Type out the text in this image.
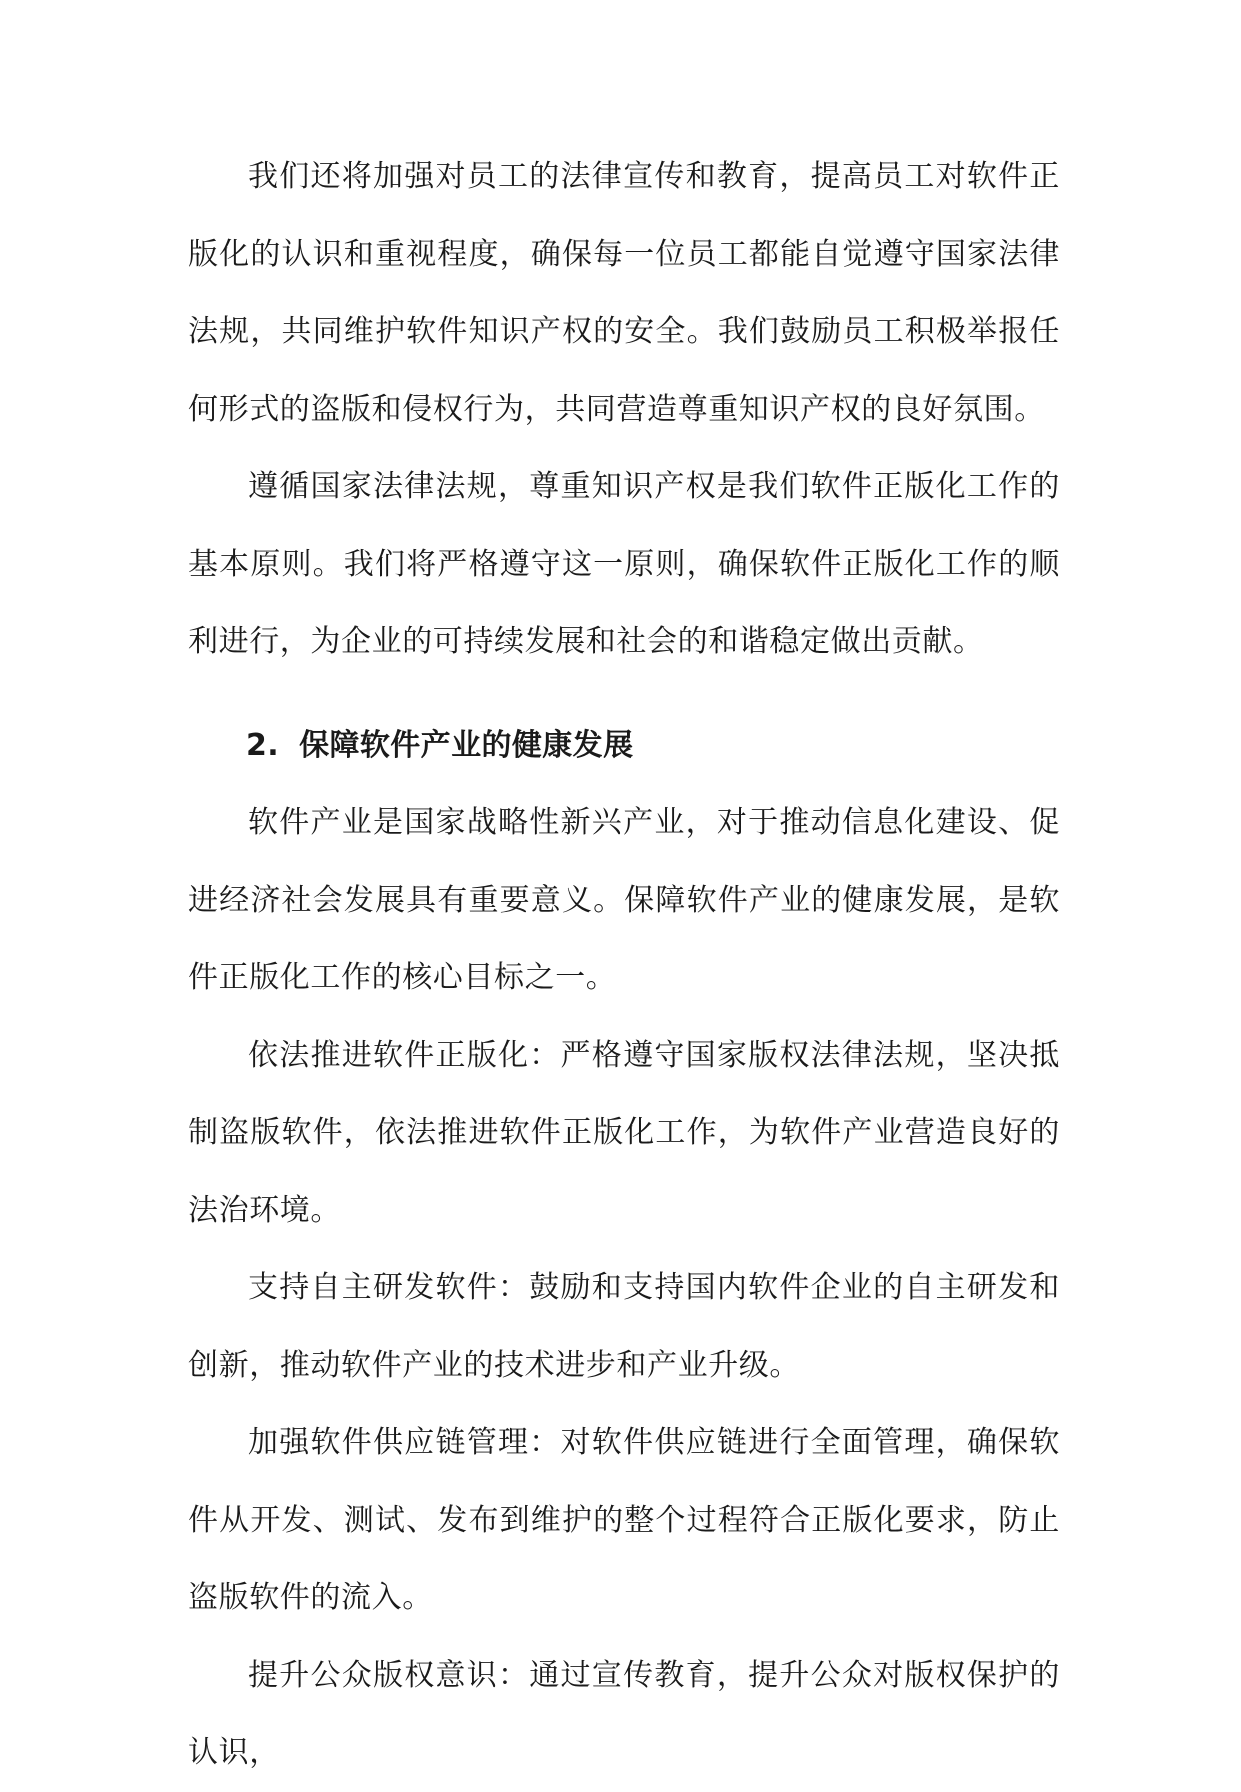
我们还将加强对员工的法律宣传和教育，提高员工对软件正版化的认识和重视程度，确保每一位员工都能自觉遵守国家法律法规，共同维护软件知识产权的安全。我们鼓励员工积极举报任何形式的盗版和侵权行为，共同营造尊重知识产权的良好氛围。

遵循国家法律法规，尊重知识产权是我们软件正版化工作的基本原则。我们将严格遵守这一原则，确保软件正版化工作的顺利进行，为企业的可持续发展和社会的和谐稳定做出贡献。

2. 保障软件产业的健康发展

软件产业是国家战略性新兴产业，对于推动信息化建设、促进经济社会发展具有重要意义。保障软件产业的健康发展，是软件正版化工作的核心目标之一。

依法推进软件正版化：严格遵守国家版权法律法规，坚决抵制盗版软件，依法推进软件正版化工作，为软件产业营造良好的法治环境。

支持自主研发软件：鼓励和支持国内软件企业的自主研发和创新，推动软件产业的技术进步和产业升级。

加强软件供应链管理：对软件供应链进行全面管理，确保软件从开发、测试、发布到维护的整个过程符合正版化要求，防止盗版软件的流入。

提升公众版权意识：通过宣传教育，提升公众对版权保护的认识，
